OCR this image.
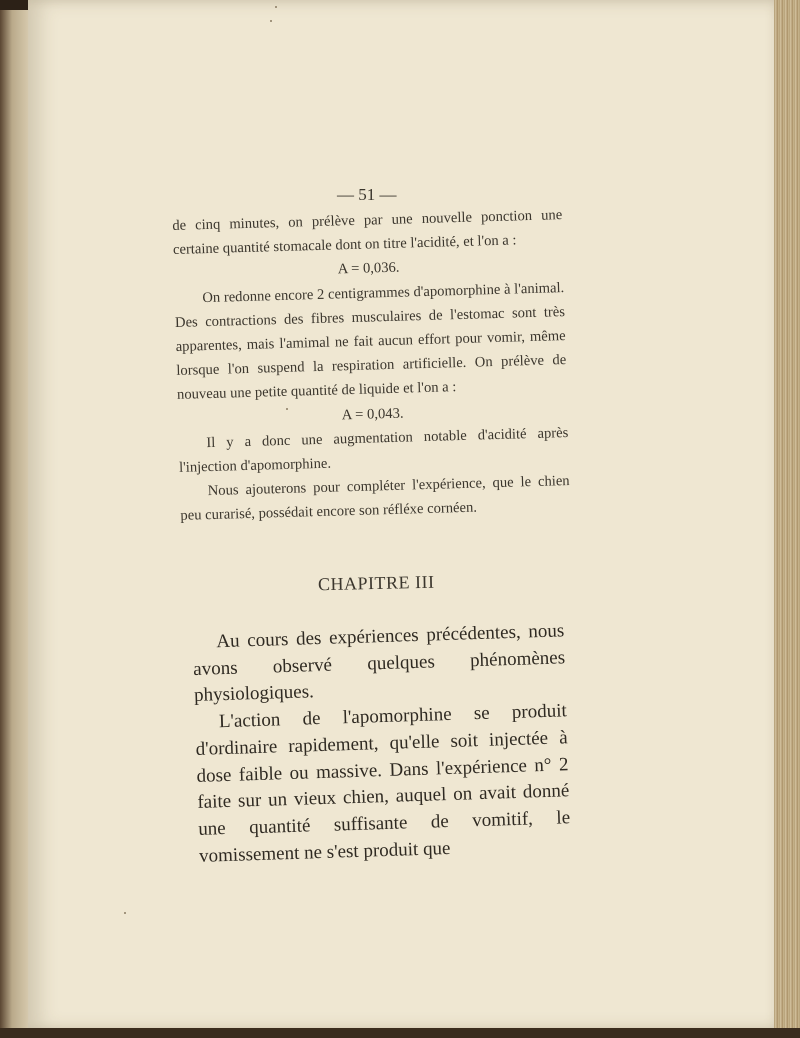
— 51 —

de cinq minutes, on prélève par une nouvelle ponction une certaine quantité stomacale dont on titre l'acidité, et l'on a :

A = 0,036.

On redonne encore 2 centigrammes d'apomorphine à l'animal. Des contractions des fibres musculaires de l'estomac sont très apparentes, mais l'amimal ne fait aucun effort pour vomir, même lorsque l'on suspend la respiration artificielle. On prélève de nouveau une petite quantité de liquide et l'on a :

A = 0,043.

Il y a donc une augmentation notable d'acidité après l'injection d'apomorphine.

Nous ajouterons pour compléter l'expérience, que le chien peu curarisé, possédait encore son réfléxe cornéen.

CHAPITRE III

Au cours des expériences précédentes, nous avons observé quelques phénomènes physiologiques.

L'action de l'apomorphine se produit d'ordinaire rapidement, qu'elle soit injectée à dose faible ou massive. Dans l'expérience n° 2 faite sur un vieux chien, auquel on avait donné une quantité suffisante de vomitif, le vomissement ne s'est produit que
